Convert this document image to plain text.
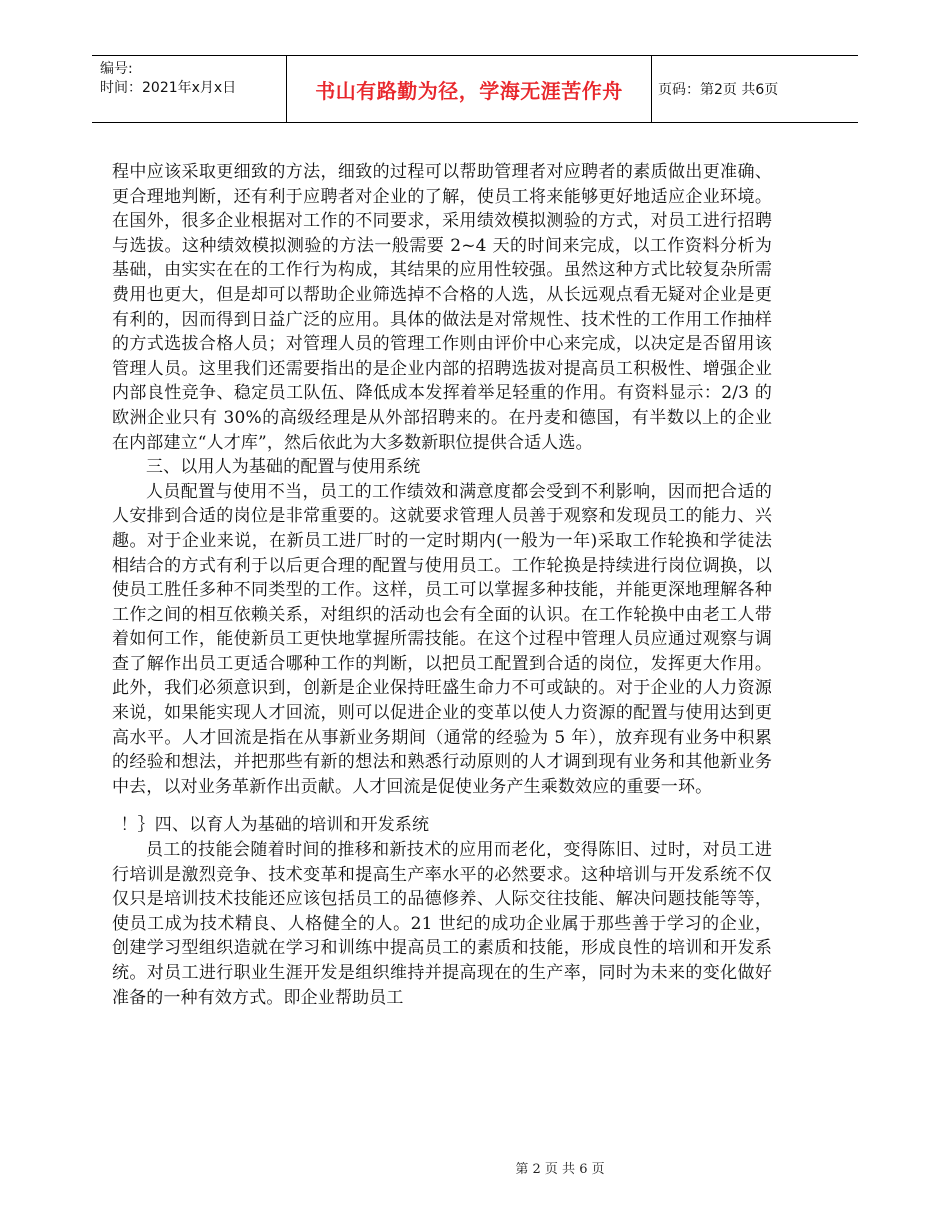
编号:
时间：2021年x月x日	书山有路勤为径，学海无涯苦作舟	页码：第2页 共6页

程中应该采取更细致的方法，细致的过程可以帮助管理者对应聘者的素质做出更准确、更合理地判断，还有利于应聘者对企业的了解，使员工将来能够更好地适应企业环境。在国外，很多企业根据对工作的不同要求，采用绩效模拟测验的方式，对员工进行招聘与选拔。这种绩效模拟测验的方法一般需要 2~4 天的时间来完成，以工作资料分析为基础，由实实在在的工作行为构成，其结果的应用性较强。虽然这种方式比较复杂所需费用也更大，但是却可以帮助企业筛选掉不合格的人选，从长远观点看无疑对企业是更有利的，因而得到日益广泛的应用。具体的做法是对常规性、技术性的工作用工作抽样的方式选拔合格人员；对管理人员的管理工作则由评价中心来完成，以决定是否留用该管理人员。这里我们还需要指出的是企业内部的招聘选拔对提高员工积极性、增强企业内部良性竞争、稳定员工队伍、降低成本发挥着举足轻重的作用。有资料显示：2/3 的欧洲企业只有 30%的高级经理是从外部招聘来的。在丹麦和德国，有半数以上的企业在内部建立“人才库”，然后依此为大多数新职位提供合适人选。

三、以用人为基础的配置与使用系统

人员配置与使用不当，员工的工作绩效和满意度都会受到不利影响，因而把合适的人安排到合适的岗位是非常重要的。这就要求管理人员善于观察和发现员工的能力、兴趣。对于企业来说，在新员工进厂时的一定时期内(一般为一年)采取工作轮换和学徒法相结合的方式有利于以后更合理的配置与使用员工。工作轮换是持续进行岗位调换，以使员工胜任多种不同类型的工作。这样，员工可以掌握多种技能，并能更深地理解各种工作之间的相互依赖关系，对组织的活动也会有全面的认识。在工作轮换中由老工人带着如何工作，能使新员工更快地掌握所需技能。在这个过程中管理人员应通过观察与调查了解作出员工更适合哪种工作的判断，以把员工配置到合适的岗位，发挥更大作用。此外，我们必须意识到，创新是企业保持旺盛生命力不可或缺的。对于企业的人力资源来说，如果能实现人才回流，则可以促进企业的变革以使人力资源的配置与使用达到更高水平。人才回流是指在从事新业务期间（通常的经验为 5 年），放弃现有业务中积累的经验和想法，并把那些有新的想法和熟悉行动原则的人才调到现有业务和其他新业务中去，以对业务革新作出贡献。人才回流是促使业务产生乘数效应的重要一环。

！｝四、以育人为基础的培训和开发系统

员工的技能会随着时间的推移和新技术的应用而老化，变得陈旧、过时，对员工进行培训是激烈竞争、技术变革和提高生产率水平的必然要求。这种培训与开发系统不仅仅只是培训技术技能还应该包括员工的品德修养、人际交往技能、解决问题技能等等，使员工成为技术精良、人格健全的人。21 世纪的成功企业属于那些善于学习的企业，创建学习型组织造就在学习和训练中提高员工的素质和技能，形成良性的培训和开发系统。对员工进行职业生涯开发是组织维持并提高现在的生产率，同时为未来的变化做好准备的一种有效方式。即企业帮助员工

第 2 页 共 6 页
